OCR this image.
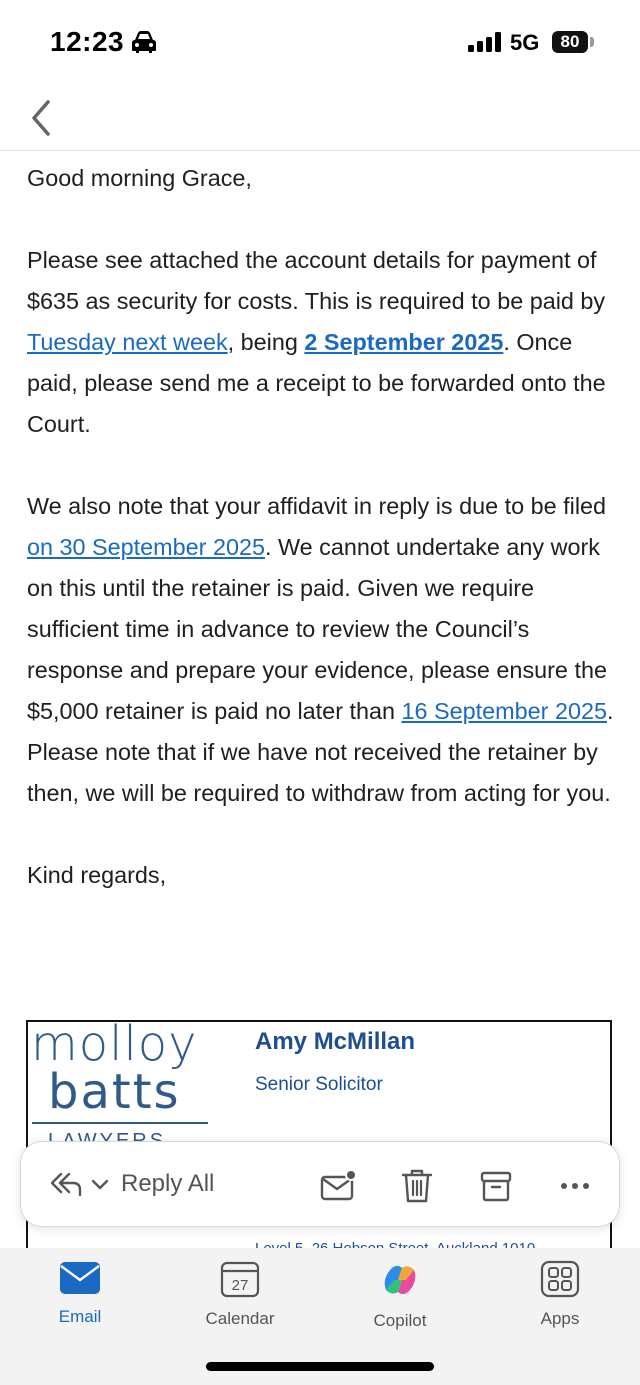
12:23	5G	80

Good morning Grace,

Please see attached the account details for payment of $635 as security for costs. This is required to be paid by Tuesday next week, being 2 September 2025. Once paid, please send me a receipt to be forwarded onto the Court.

We also note that your affidavit in reply is due to be filed on 30 September 2025. We cannot undertake any work on this until the retainer is paid. Given we require sufficient time in advance to review the Council’s response and prepare your evidence, please ensure the $5,000 retainer is paid no later than 16 September 2025. Please note that if we have not received the retainer by then, we will be required to withdraw from acting for you.

Kind regards,

molloy
batts
Amy McMillan
Senior Solicitor
Reply All
Email
27
Calendar	Copilot	Apps
